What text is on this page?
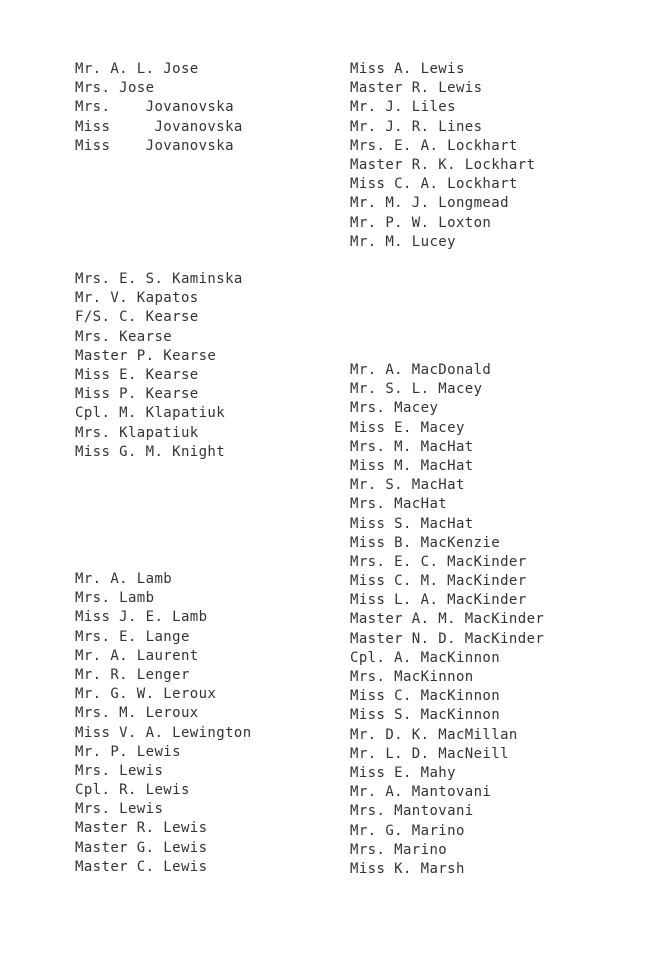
Mr. A. L. Jose
Mrs. Jose
Mrs.    Jovanovska
Miss     Jovanovska
Miss    Jovanovska
Mrs. E. S. Kaminska
Mr. V. Kapatos
F/S. C. Kearse
Mrs. Kearse
Master P. Kearse
Miss E. Kearse
Miss P. Kearse
Cpl. M. Klapatiuk
Mrs. Klapatiuk
Miss G. M. Knight
Mr. A. Lamb
Mrs. Lamb
Miss J. E. Lamb
Mrs. E. Lange
Mr. A. Laurent
Mr. R. Lenger
Mr. G. W. Leroux
Mrs. M. Leroux
Miss V. A. Lewington
Mr. P. Lewis
Mrs. Lewis
Cpl. R. Lewis
Mrs. Lewis
Master R. Lewis
Master G. Lewis
Master C. Lewis
Miss A. Lewis
Master R. Lewis
Mr. J. Liles
Mr. J. R. Lines
Mrs. E. A. Lockhart
Master R. K. Lockhart
Miss C. A. Lockhart
Mr. M. J. Longmead
Mr. P. W. Loxton
Mr. M. Lucey
Mr. A. MacDonald
Mr. S. L. Macey
Mrs. Macey
Miss E. Macey
Mrs. M. MacHat
Miss M. MacHat
Mr. S. MacHat
Mrs. MacHat
Miss S. MacHat
Miss B. MacKenzie
Mrs. E. C. MacKinder
Miss C. M. MacKinder
Miss L. A. MacKinder
Master A. M. MacKinder
Master N. D. MacKinder
Cpl. A. MacKinnon
Mrs. MacKinnon
Miss C. MacKinnon
Miss S. MacKinnon
Mr. D. K. MacMillan
Mr. L. D. MacNeill
Miss E. Mahy
Mr. A. Mantovani
Mrs. Mantovani
Mr. G. Marino
Mrs. Marino
Miss K. Marsh
